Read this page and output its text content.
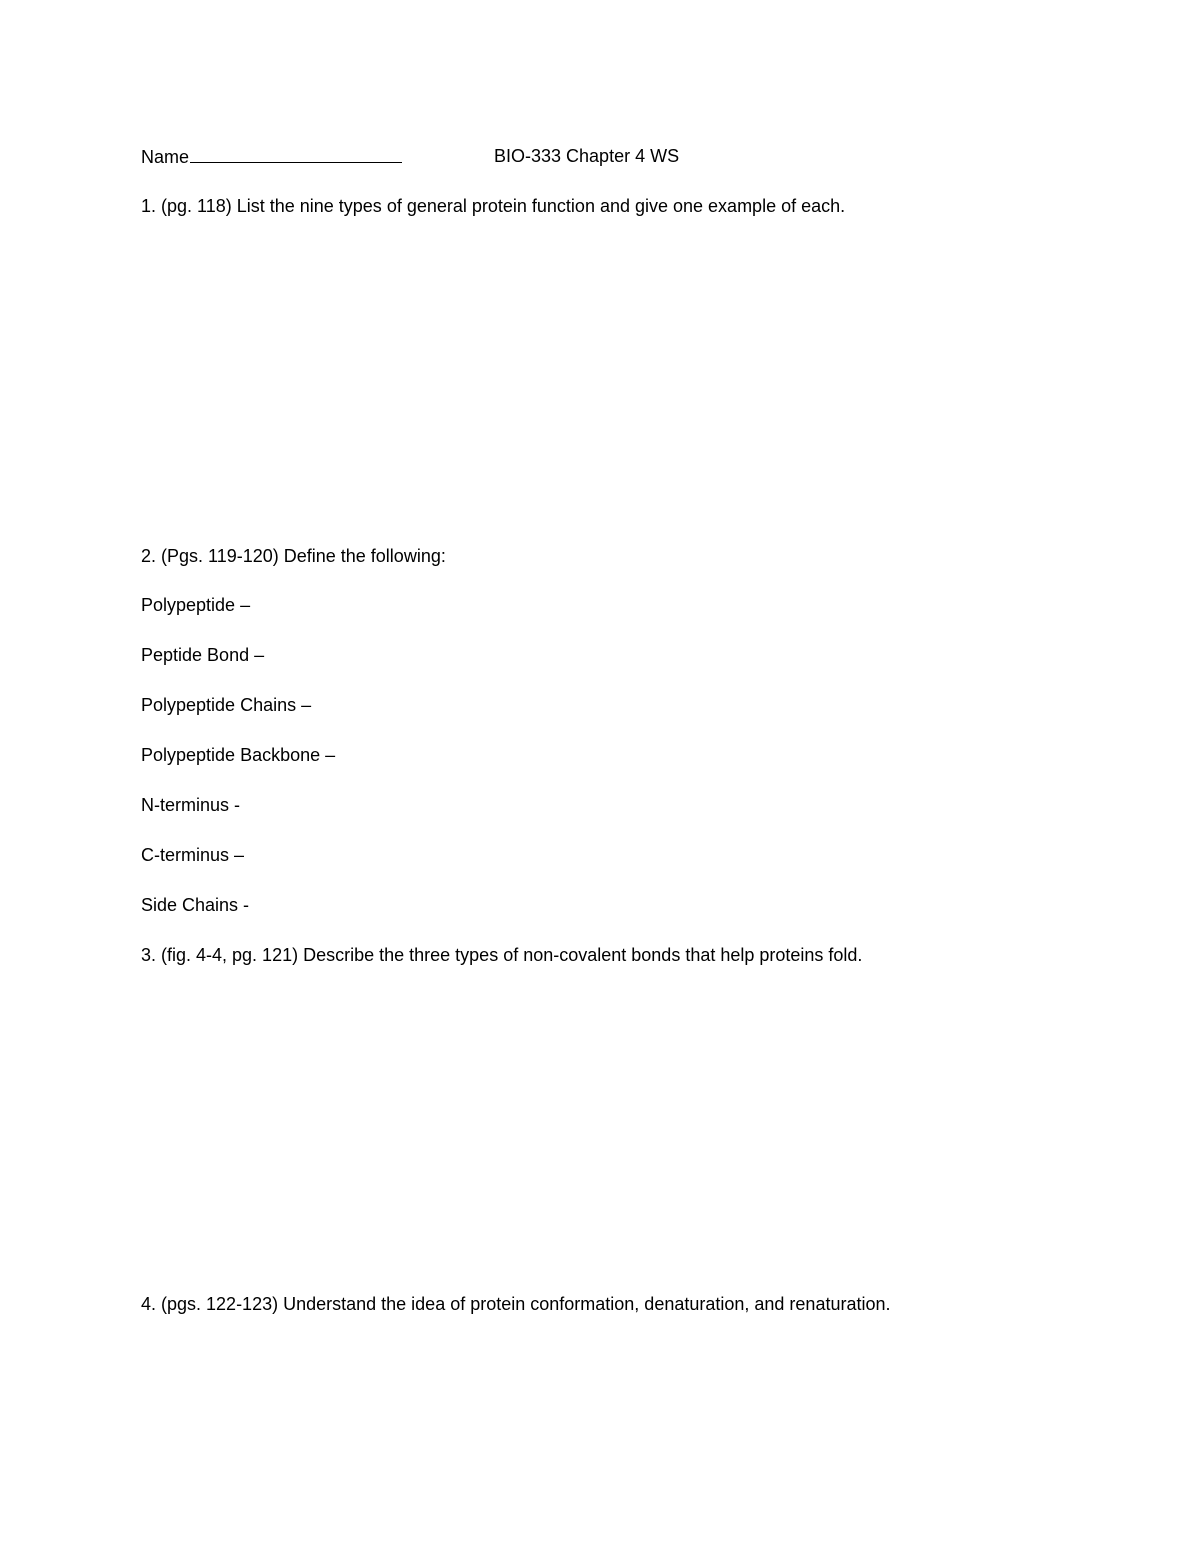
Name	BIO-333 Chapter 4 WS
1. (pg. 118) List the nine types of general protein function and give one example of each.
2. (Pgs. 119-120) Define the following:
Polypeptide –
Peptide Bond –
Polypeptide Chains –
Polypeptide Backbone –
N-terminus -
C-terminus –
Side Chains -
3. (fig. 4-4, pg. 121) Describe the three types of non-covalent bonds that help proteins fold.
4. (pgs. 122-123) Understand the idea of protein conformation, denaturation, and renaturation.
